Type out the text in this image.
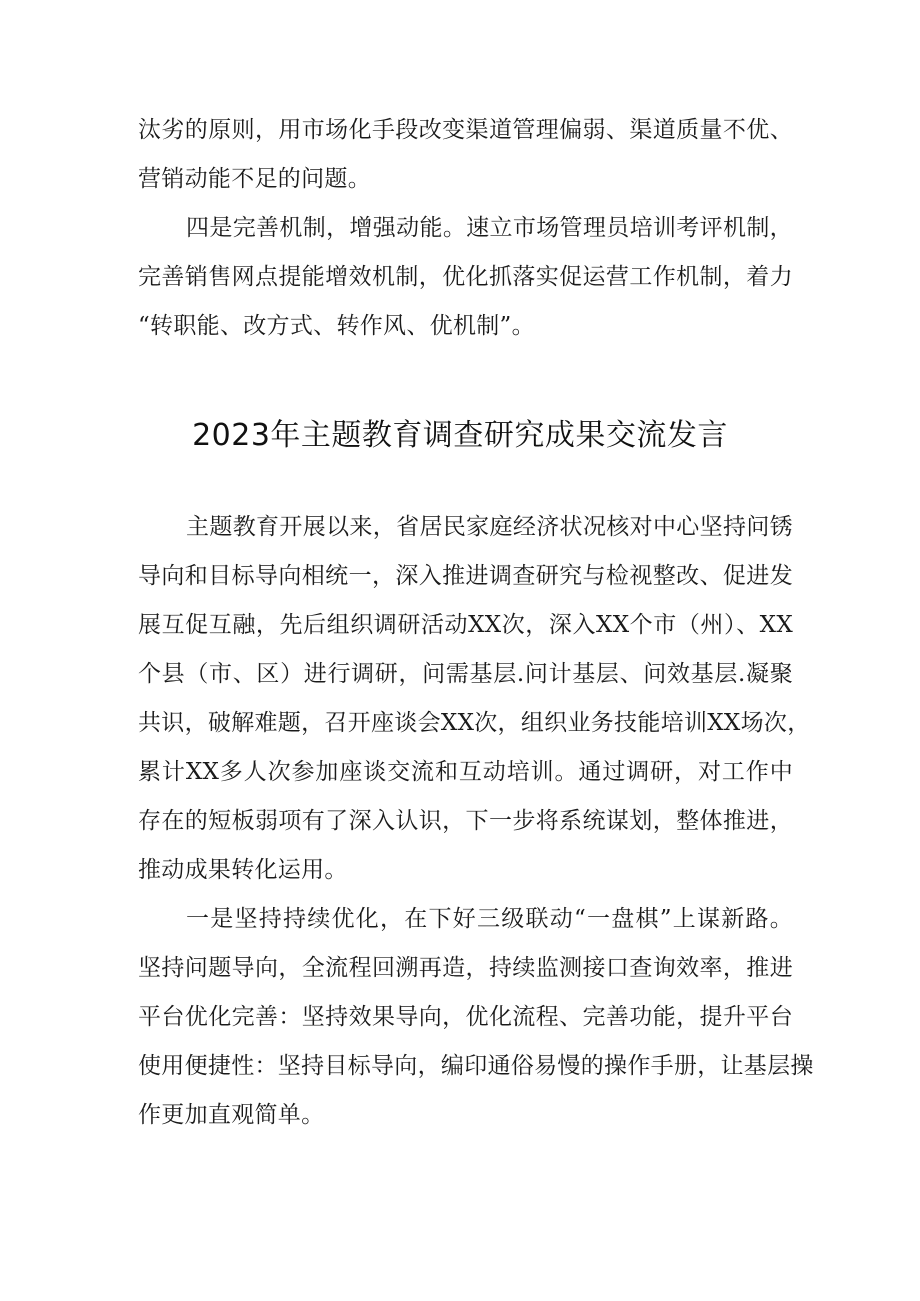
汰劣的原则，用市场化手段改变渠道管理偏弱、渠道质量不优、

营销动能不足的问题。

四是完善机制，增强动能。速立市场管理员培训考评机制，

完善销售网点提能增效机制，优化抓落实促运营工作机制，着力

“转职能、改方式、转作风、优机制”。

2023年主题教育调查研究成果交流发言

主题教育开展以来，省居民家庭经济状况核对中心坚持问锈

导向和目标导向相统一，深入推进调查研究与检视整改、促进发

展互促互融，先后组织调研活动XX次，深入XX个市（州）、XX

个县（市、区）进行调研，问需基层.问计基层、问效基层.凝聚

共识，破解难题，召开座谈会XX次，组织业务技能培训XX场次，

累计XX多人次参加座谈交流和互动培训。通过调研，对工作中

存在的短板弱项有了深入认识，下一步将系统谋划，整体推进，

推动成果转化运用。

一是坚持持续优化，在下好三级联动“一盘棋”上谋新路。

坚持问题导向，全流程回溯再造，持续监测接口查询效率，推进

平台优化完善：坚持效果导向，优化流程、完善功能，提升平台

使用便捷性：坚持目标导向，编印通俗易慢的操作手册，让基层操

作更加直观简单。
